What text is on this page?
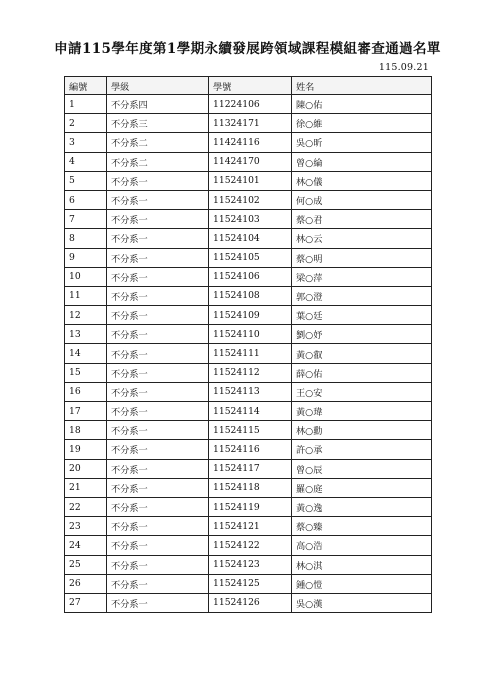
申請115學年度第1學期永續發展跨領域課程模組審查通過名單
115.09.21
編號	學級	學號	姓名
1	不分系四	11224106	陳○佑
2	不分系三	11324171	徐○維
3	不分系二	11424116	吳○昕
4	不分系二	11424170	曾○綸
5	不分系一	11524101	林○儀
6	不分系一	11524102	何○成
7	不分系一	11524103	蔡○君
8	不分系一	11524104	林○云
9	不分系一	11524105	蔡○明
10	不分系一	11524106	梁○萍
11	不分系一	11524108	郭○澄
12	不分系一	11524109	葉○廷
13	不分系一	11524110	劉○妤
14	不分系一	11524111	黃○叡
15	不分系一	11524112	薛○佑
16	不分系一	11524113	王○安
17	不分系一	11524114	黃○瑋
18	不分系一	11524115	林○勳
19	不分系一	11524116	許○承
20	不分系一	11524117	曾○辰
21	不分系一	11524118	羅○庭
22	不分系一	11524119	黃○逸
23	不分系一	11524121	蔡○臻
24	不分系一	11524122	高○浩
25	不分系一	11524123	林○淇
26	不分系一	11524125	鍾○愷
27	不分系一	11524126	吳○漢
